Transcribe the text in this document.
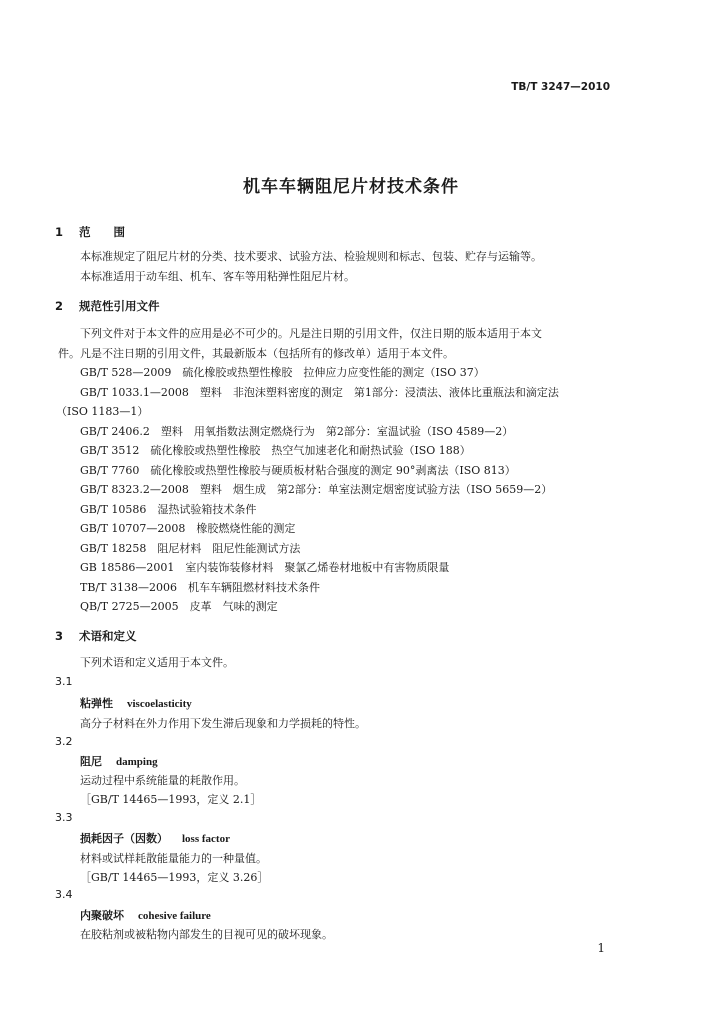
TB/T 3247—2010
机车车辆阻尼片材技术条件
1 范　　围
本标准规定了阻尼片材的分类、技术要求、试验方法、检验规则和标志、包装、贮存与运输等。
本标准适用于动车组、机车、客车等用粘弹性阻尼片材。
2 规范性引用文件
下列文件对于本文件的应用是必不可少的。凡是注日期的引用文件，仅注日期的版本适用于本文
件。凡是不注日期的引用文件，其最新版本（包括所有的修改单）适用于本文件。
GB/T 528—2009　硫化橡胶或热塑性橡胶　拉伸应力应变性能的测定（ISO 37）
GB/T 1033.1—2008　塑料　非泡沫塑料密度的测定　第1部分：浸渍法、液体比重瓶法和滴定法
（ISO 1183—1）
GB/T 2406.2　塑料　用氧指数法测定燃烧行为　第2部分：室温试验（ISO 4589—2）
GB/T 3512　硫化橡胶或热塑性橡胶　热空气加速老化和耐热试验（ISO 188）
GB/T 7760　硫化橡胶或热塑性橡胶与硬质板材粘合强度的测定 90°剥离法（ISO 813）
GB/T 8323.2—2008　塑料　烟生成　第2部分：单室法测定烟密度试验方法（ISO 5659—2）
GB/T 10586　湿热试验箱技术条件
GB/T 10707—2008　橡胶燃烧性能的测定
GB/T 18258　阻尼材料　阻尼性能测试方法
GB 18586—2001　室内装饰装修材料　聚氯乙烯卷材地板中有害物质限量
TB/T 3138—2006　机车车辆阻燃材料技术条件
QB/T 2725—2005　皮革　气味的测定
3 术语和定义
下列术语和定义适用于本文件。
3.1
粘弹性 viscoelasticity
高分子材料在外力作用下发生滞后现象和力学损耗的特性。
3.2
阻尼 damping
运动过程中系统能量的耗散作用。
［GB/T 14465—1993，定义 2.1］
3.3
损耗因子（因数） loss factor
材料或试样耗散能量能力的一种量值。
［GB/T 14465—1993，定义 3.26］
3.4
内聚破坏 cohesive failure
在胶粘剂或被粘物内部发生的目视可见的破坏现象。
1
